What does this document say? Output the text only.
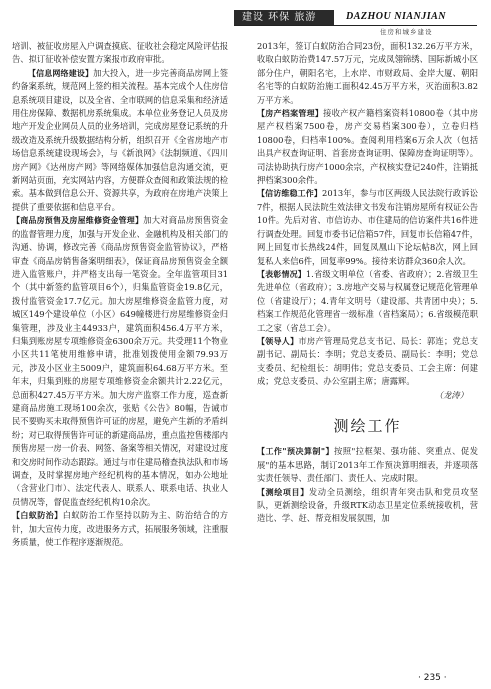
建设 环保 旅游	DAZHOU NIANJIAN
住房和城乡建设

培训、被征收房屋入户调查摸底、征收社会稳定风险评估报告、拟订征收补偿安置方案报市政府审批。

【信息网络建设】加大投入，进一步完善商品房网上签约备案系统，规范网上签约相关流程。基本完成个人住房信息系统项目建设，以及全省、全市联网的信息采集和经济适用住房保障、数据机房系统集成。本单位业务登记人员及房地产开发企业网员人员的业务培训，完成房屋登记系统的升级改造及系统升级数据结构分析，组织召开《全省房地产市场信息系统建设现场会》，与《新浪网》《法制频道、《四川房产网》《达州房产网》等网络媒体加强信息沟通交流，更新网站页面，充实网站内容，方便群众查阅和政策法规的检索。基本做到信息公开、资源共享，为政府在房地产决策上提供了重要依据和信息平台。

【商品房预售及房屋维修资金管理】加大对商品房预售资金的监督管理力度，加强与开发企业、金融机构及相关部门的沟通、协调，修改完善《商品房预售资金监管协议》，严格审查《商品房销售备案明细表》，保证商品房预售资金全额进入监管账户，并严格支出每一笔资金。全年监管项目31个（其中新签约监管项目6个），归集监管资金19.8亿元，拨付监管资金17.7亿元。加大房屋维修资金监管力度，对城区149个建设单位（小区）649幢楼进行房屋维修资金归集管理，涉及业主44933户，建筑面积456.4万平方米，归集到账房屋专项维修资金6300余万元。共受理11个物业小区共11笔使用维修申请，批准划拨使用金额79.93万元，涉及小区业主5009户，建筑面积64.68万平方米。至年末，归集到账的房屋专项维修资金余额共计2.22亿元，总面积427.45万平方米。加大房产监察工作力度，巡查新建商品房施工现场100余次，张贴《公告》80幅，告诫市民不要购买未取得预售许可证的房屋，避免产生新的矛盾纠纷；对已取得预售许可证的新建商品房，重点监控售楼部内预售房屋一房一价表、网签、备案等相关情况，对建设过度和交房时间作动态跟踪。通过与市住建局稽查执法队和市场调查，及时掌握房地产经纪机构的基本情况，如办公地址（含营业门市）、法定代表人、联系人、联系电话、执业人员情况等，督促监查经纪机构10余次。

【白蚁防治】白蚁防治工作坚持以防为主、防治结合的方针，加大宣传力度，改进服务方式，拓展服务领域，注重服务质量，使工作程序逐渐规范。

2013年，签订白蚁防治合同23份，面积132.26万平方米，收取白蚁防治费147.57万元，完成凤翎锦绣、国际新城小区部分住户，朝阳名宅，上水岸、市财政局、金岸大厦、朝阳名宅等的白蚁防治施工面积42.45万平方米，灭治面积3.82万平方米。

【房产档案管理】接收产权产籍档案资料10800卷（其中房屋产权档案7500卷，房产交易档案300卷），立卷归档10800卷，归档率100%。查阅利用档案6万余人次（包括出具产权查询证明、首套房查询证明、保障房查询证明等）。司法协助执行房产1000余宗，产权核实登记240件，注销抵押档案300余件。

【信访维稳工作】2013年，参与市区两级人民法院行政诉讼7件，根据人民法院生效法律文书发布注销房屋所有权证公告10件。先后对省、市信访办、市住建局的信访案件共16件进行调查处理。回复市委书记信箱57件，回复市长信箱47件，网上回复市长热线24件，回复凤凰山下论坛帖8次，网上回复私人来信6件，回复率99%。接待来访群众360余人次。

【表彰情况】1.省级文明单位（省委、省政府）；2.省级卫生先进单位（省政府）；3.房地产交易与权属登记规范化管理单位（省建设厅）；4.青年文明号（建设部、共青团中央）；5.档案工作规范化管理省一级标准（省档案局）；6.省级模范职工之家（省总工会）。

【领导人】市房产管理局党总支书记、局长：郭连；党总支副书记、副局长：李明；党总支委员、副局长：李明；党总支委员、纪检组长：胡明伟；党总支委员、工会主席：何建成；党总支委员、办公室副主席；唐露辉。

（龙涛）

测绘工作

【工作"预决算制"】按照"拉框架、强功能、突重点、促发展"的基本思路，制订2013年工作预决算明细表，并逐项落实责任领导、责任部门、责任人、完成时限。

【测绘项目】发动全员测绘，组织青年突击队和党员攻坚队，更新测绘设备，升级RTK动态卫星定位系统接收机，营造比、学、赶、帮竞相发展氛围，加

· 235 ·
